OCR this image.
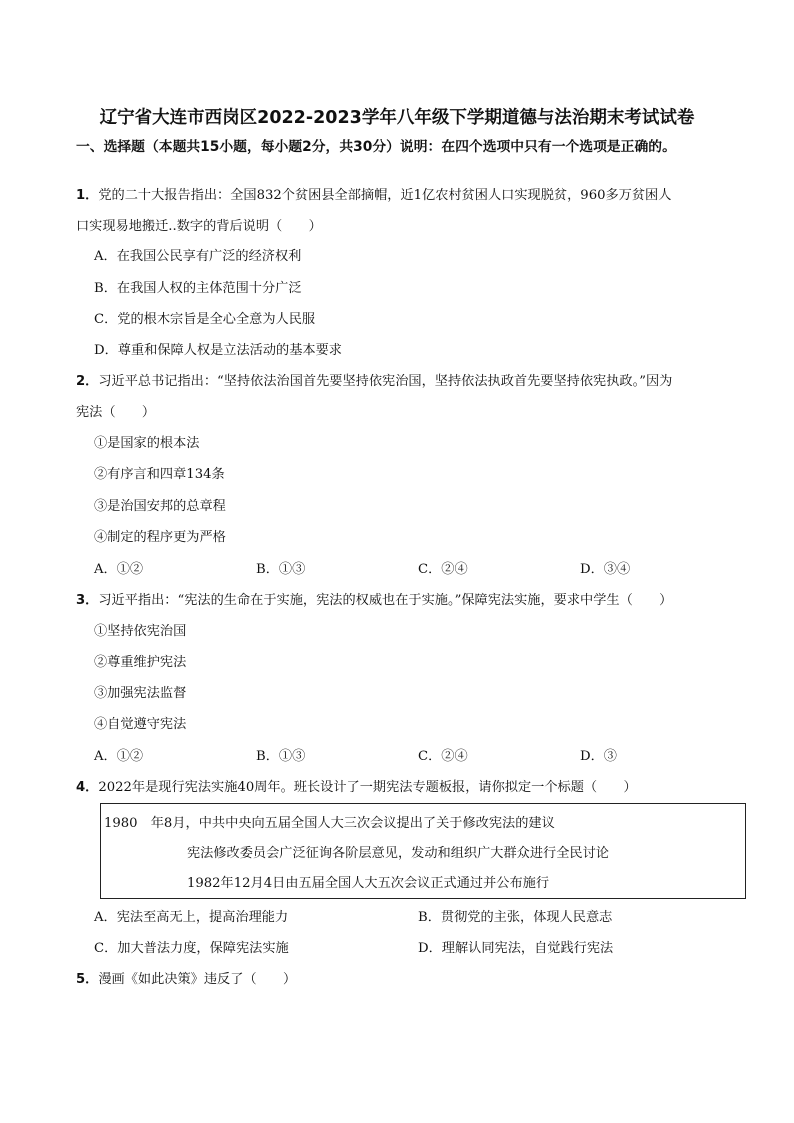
辽宁省大连市西岗区2022-2023学年八年级下学期道德与法治期末考试试卷
一、选择题（本题共15小题，每小题2分，共30分）说明：在四个选项中只有一个选项是正确的。
1．党的二十大报告指出：全国832个贫困县全部摘帽，近1亿农村贫困人口实现脱贫，960多万贫困人
口实现易地搬迁..数字的背后说明（　　）
A．在我国公民享有广泛的经济权利
B．在我国人权的主体范围十分广泛
C．党的根木宗旨是全心全意为人民服
D．尊重和保障人权是立法活动的基本要求
2．习近平总书记指出：“坚持依法治国首先要坚持依宪治国，坚持依法执政首先要坚持依宪执政。”因为
宪法（　　）
①是国家的根本法
②有序言和四章134条
③是治国安邦的总章程
④制定的程序更为严格
A．①②	B．①③	C．②④	D．③④
3．习近平指出：“宪法的生命在于实施，宪法的权威也在于实施。”保障宪法实施，要求中学生（　　）
①坚持依宪治国
②尊重维护宪法
③加强宪法监督
④自觉遵守宪法
A．①②	B．①③	C．②④	D．③
4．2022年是现行宪法实施40周年。班长设计了一期宪法专题板报，请你拟定一个标题（　　）
1980　年8月，中共中央向五届全国人大三次会议提出了关于修改宪法的建议
宪法修改委员会广泛征询各阶层意见，发动和组织广大群众进行全民讨论
1982年12月4日由五届全国人大五次会议正式通过并公布施行
A．宪法至高无上，提高治理能力	B．贯彻党的主张，体现人民意志
C．加大普法力度，保障宪法实施	D．理解认同宪法，自觉践行宪法
5．漫画《如此决策》违反了（　　）
